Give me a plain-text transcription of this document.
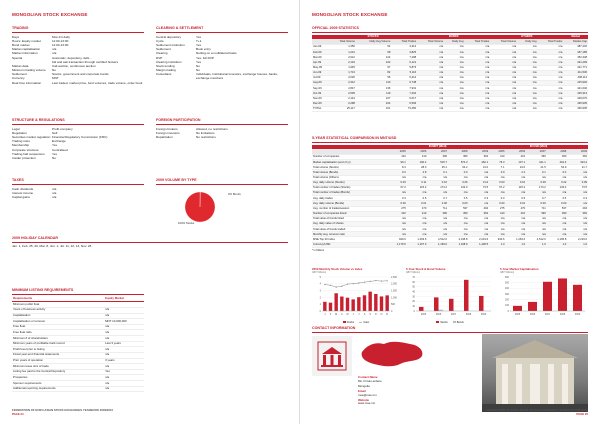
MONGOLIAN STOCK EXCHANGE
TRADING
Days	Mon-Fri daily
Hours: Equity market	11:00-13:00
Bond market	11:00-13:00
Market capitalisation	n/a
Market information	n/a
Special	Automatic, depository, debt...
bid and ask transaction through certified brokers
Market data	Call auction, continuous auction
Minimum trading volume	No
Settlement	Stocks, government and corporate bonds
Currency	MNT
Real time information	Last traded, market price, best volumes, trade volume, order book
STRUCTURE & REGULATIONS
Legal	Profit company
Regulation	Self
Securities market regulation Financial Regulatory Commission (FRC)
Trading rules	Exchange
Membership	Yes
Corporate structure	Centralised
Trading halt suspension	Yes
Insider protection	No
TAXES
Cash dividends	n/a
Interest income	n/a
Capital gains	n/a
2009 HOLIDAY CALENDAR
Jan. 1, Feb. 25, 26, Mar. 8, Jun. 1, Jul. 11, 12, 13, Nov. 26
CLEARING & SETTLEMENT
Central depository	Yes
Cycle	T+1
Settlement institution	Yes
Settlement	Book entry
Clearing	Netting on a multilateral basis
DVP	Yes, full DVP
Clearing institution	Yes
Stock lending	No
Margin trading	No
Custodians	Individuals, institutional investors, exchange houses, banks, exchange members
FOREIGN PARTICIPATION
Foreign brokers	Allowed, no restrictions
Foreign investors	No limitations
Repatriation	No restrictions
2009 VOLUME BY TYPE
0% Bonds
100% Stocks
MINIMUM LISTING REQUIREMENTS
Requirements	Equity Market
Minimum public float	
Years of business activity	n/a
Capitalisation	n/a
Capitalisation or turnover	MNT 10,000,000
Free float	n/a
Free float ratio	n/a
Minimum # of shareholders	n/a
Minimum years of profitable track record	Last 3 years
Profit level prior to listing	n/a
Fiscal year-end financial statements	n/a
Prior years of operation	3 years
Minimum issue size of trade	n/a
Listing fee paid to the Central Depository	Yes
Prospectus	n/a
Sponsor requirements	n/a
Additional reporting requirements	n/a
FEDERATION OF EURO-ASIAN STOCK EXCHANGES YEARBOOK 2009/2010
PAGE 24
MONGOLIAN STOCK EXCHANGE
OFFICIAL 2009 STATISTICS
	STOCKS			BONDS			OTHERS			Market
	Total Volume	Daily Avg Volume	Total Trades	Total Volume	Daily Avg	Total Trades	Total Volume	Daily Avg	Total Trades	Market Cap
Jan-09	1,350	64	4,312	n/a	n/a	n/a	n/a	n/a	n/a	487,432
Feb-09	1,231	68	3,825	n/a	n/a	n/a	n/a	n/a	n/a	467,185
Mar-09	2,612	124	7,498	n/a	n/a	n/a	n/a	n/a	n/a	452,348
Apr-09	2,134	102	6,121	n/a	n/a	n/a	n/a	n/a	n/a	431,209
May-09	1,945	97	5,873	n/a	n/a	n/a	n/a	n/a	n/a	421,771
Jun-09	1,713	82	5,116	n/a	n/a	n/a	n/a	n/a	n/a	411,530
Jul-09	2,026	96	6,212	n/a	n/a	n/a	n/a	n/a	n/a	408,114
Aug-09	2,312	110	6,748	n/a	n/a	n/a	n/a	n/a	n/a	415,902
Sep-09	2,847	136	7,931	n/a	n/a	n/a	n/a	n/a	n/a	421,640
Oct-09	2,505	119	7,204	n/a	n/a	n/a	n/a	n/a	n/a	425,313
Nov-09	2,144	107	6,017	n/a	n/a	n/a	n/a	n/a	n/a	429,070
Dec-09	2,298	104	6,593	n/a	n/a	n/a	n/a	n/a	n/a	436,935
TOTAL	25,117	101	73,450	n/a	n/a	n/a	n/a	n/a	n/a	436,935
5-YEAR STATISTICAL COMPARISON IN MNT/USD
	IN MNT (MLN)					IN USD (MLN)				
	2005	2006	2007	2008	2009	2005	2006	2007	2008	2009
Number of companies	410	410	390	390	362	410	410	390	390	362
Market capitalisation (end of yr)	90.1	160.4	515.7	574.3	462.1	76.3	137.1	441.1	491.3	323.4
Total volume (Stocks)	8.4	28.0	25.1	64.2	31.0	7.1	24.0	21.5	54.9	21.7
Total volume (Bonds)	0.0	2.8	0.1	0.0	n/a	0.0	2.4	0.1	0.0	n/a
Total volume (Others)	n/a	n/a	n/a	n/a	n/a	n/a	n/a	n/a	n/a	n/a
Avg. daily volume (Stocks)	0.03	0.11	0.10	0.26	0.12	0.03	0.10	0.09	0.22	0.09
Total number of trades (Stocks)	67.2	115.2	174.2	132.0	73.5	67.2	115.2	174.2	132.0	73.5
Total number of trades (Bonds)	n/a	n/a	n/a	n/a	n/a	n/a	n/a	n/a	n/a	n/a
Avg. daily trades	0.3	0.5	0.7	0.5	0.3	0.3	0.5	0.7	0.5	0.3
Avg. daily volume (Bonds)	0.00	0.01	0.00	0.00	n/a	0.00	0.01	0.00	0.00	n/a
Avg. number of trades/session	275	470	711	537	294	275	470	711	537	294
Number of companies listed	410	410	390	390	362	410	410	390	390	362
Total value of bonds listed	n/a	n/a	n/a	n/a	n/a	n/a	n/a	n/a	n/a	n/a
Avg. daily value of shares	n/a	n/a	n/a	n/a	n/a	n/a	n/a	n/a	n/a	n/a
Total value of bonds traded	n/a	n/a	n/a	n/a	n/a	n/a	n/a	n/a	n/a	n/a
Monthly avg. turnover ratio	n/a	n/a	n/a	n/a	n/a	n/a	n/a	n/a	n/a	n/a
MSE Top 20 Index	940.6	1,263.6	4,512.0	2,195.8	2,219.6	940.6	1,263.6	4,512.0	2,195.8	2,219.6
Currency/USD	1,179.6	1,167.3	1,169.0	1,168.9	1,428.5	1.0	1.0	1.0	1.0	1.0
* in billions
2009 Monthly Stock Volume vs Index
(MNT billions)
0
1
2
3
4
5
0
500
1,000
1,500
2,000
2,500
J	F M A M J	J	A S O N D
Stocks	Index
5-Year Stock & Bond Volume
(MNT billions)
0
10
20
30
40
50
60
70
2005	2006	2007	2008	2009
Stocks	Bonds
5-Year Market Capitalisation
(MNT billions)
0
100
200
300
400
500
600
2005	2006	2007	2008	2009
CONTACT INFORMATION
Contact Name
Ms. D.Gan-erdene
Mongolia
Email
mse@mse.mn
Website
www.mse.mn
FEDERATION OF EURO-ASIAN STOCK EXCHANGES YEARBOOK 2009/2010
PAGE 25
